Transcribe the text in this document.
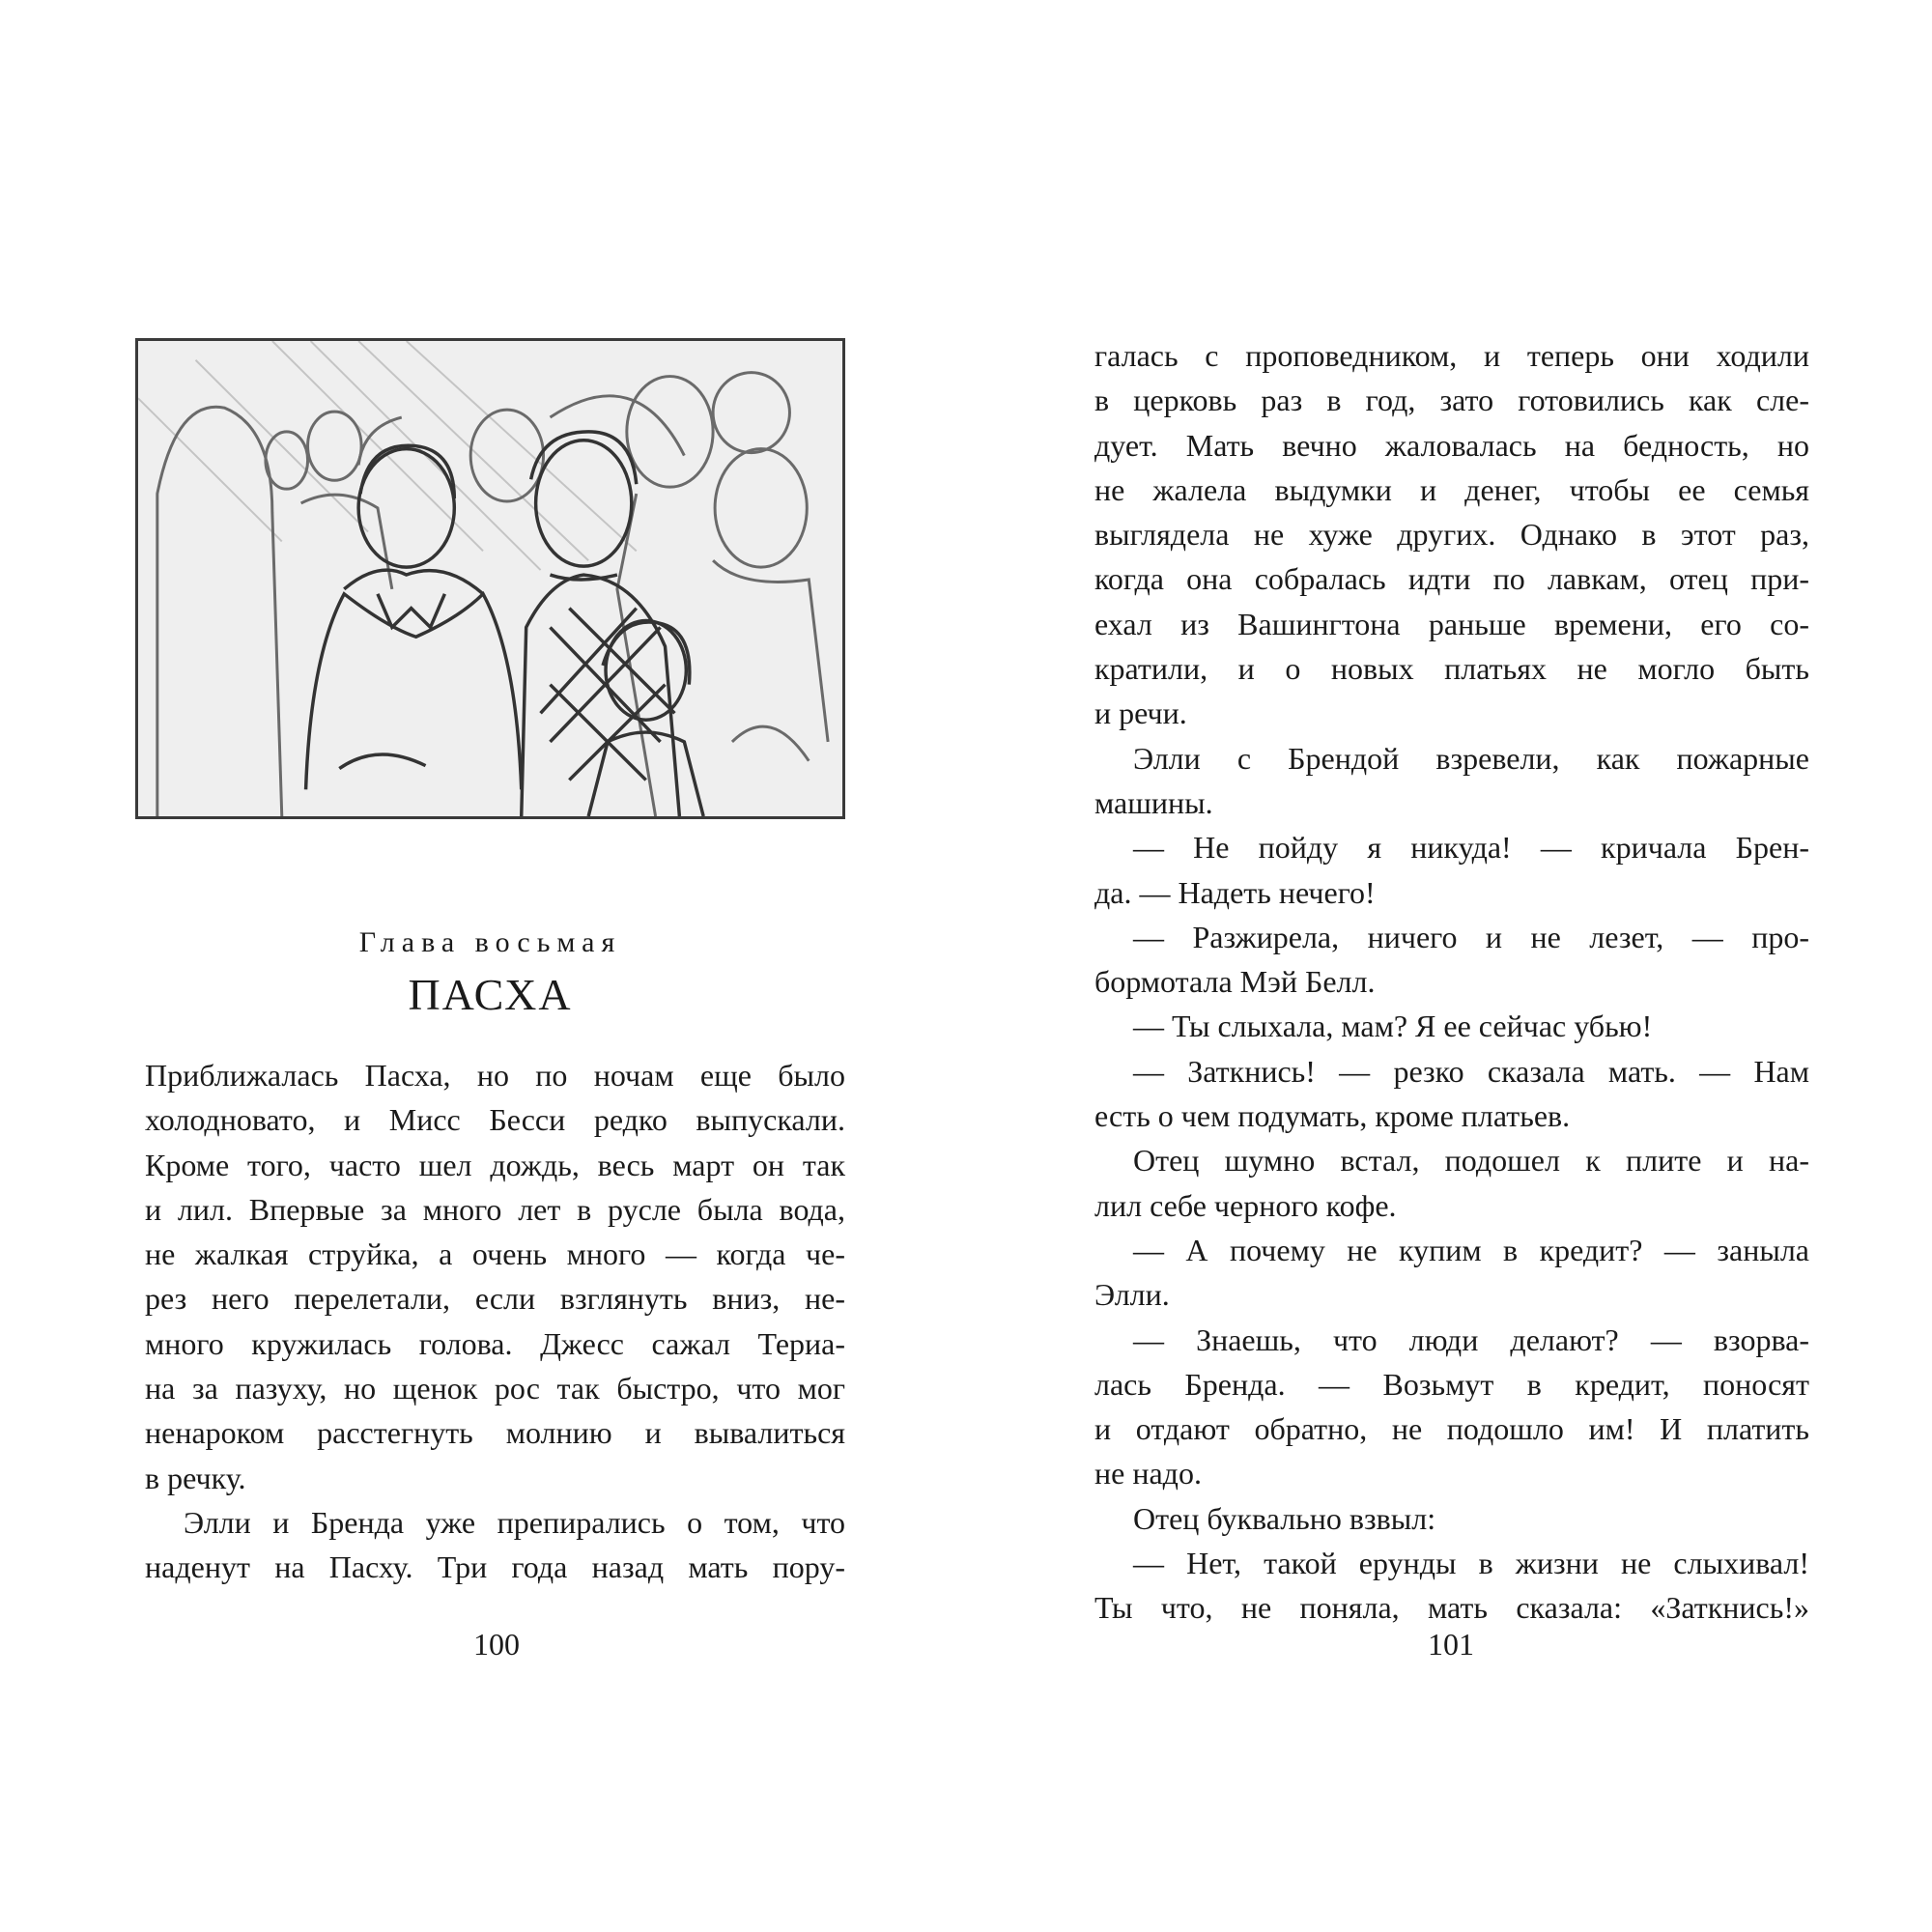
Глава восьмая
ПАСХА
Приближалась Пасха, но по ночам еще было
холодновато, и Мисс Бесси редко выпускали.
Кроме того, часто шел дождь, весь март он так
и лил. Впервые за много лет в русле была вода,
не жалкая струйка, а очень много — когда че-
рез него перелетали, если взглянуть вниз, не-
много кружилась голова. Джесс сажал Териа-
на за пазуху, но щенок рос так быстро, что мог
ненароком расстегнуть молнию и вывалиться
в речку.
Элли и Бренда уже препирались о том, что
наденут на Пасху. Три года назад мать пору-
100
галась с проповедником, и теперь они ходили
в церковь раз в год, зато готовились как сле-
дует. Мать вечно жаловалась на бедность, но
не жалела выдумки и денег, чтобы ее семья
выглядела не хуже других. Однако в этот раз,
когда она собралась идти по лавкам, отец при-
ехал из Вашингтона раньше времени, его со-
кратили, и о новых платьях не могло быть
и речи.
Элли с Брендой взревели, как пожарные
машины.
— Не пойду я никуда! — кричала Брен-
да. — Надеть нечего!
— Разжирела, ничего и не лезет, — про-
бормотала Мэй Белл.
— Ты слыхала, мам? Я ее сейчас убью!
— Заткнись! — резко сказала мать. — Нам
есть о чем подумать, кроме платьев.
Отец шумно встал, подошел к плите и на-
лил себе черного кофе.
— А почему не купим в кредит? — заныла
Элли.
— Знаешь, что люди делают? — взорва-
лась Бренда. — Возьмут в кредит, поносят
и отдают обратно, не подошло им! И платить
не надо.
Отец буквально взвыл:
— Нет, такой ерунды в жизни не слыхивал!
Ты что, не поняла, мать сказала: «Заткнись!»
101
